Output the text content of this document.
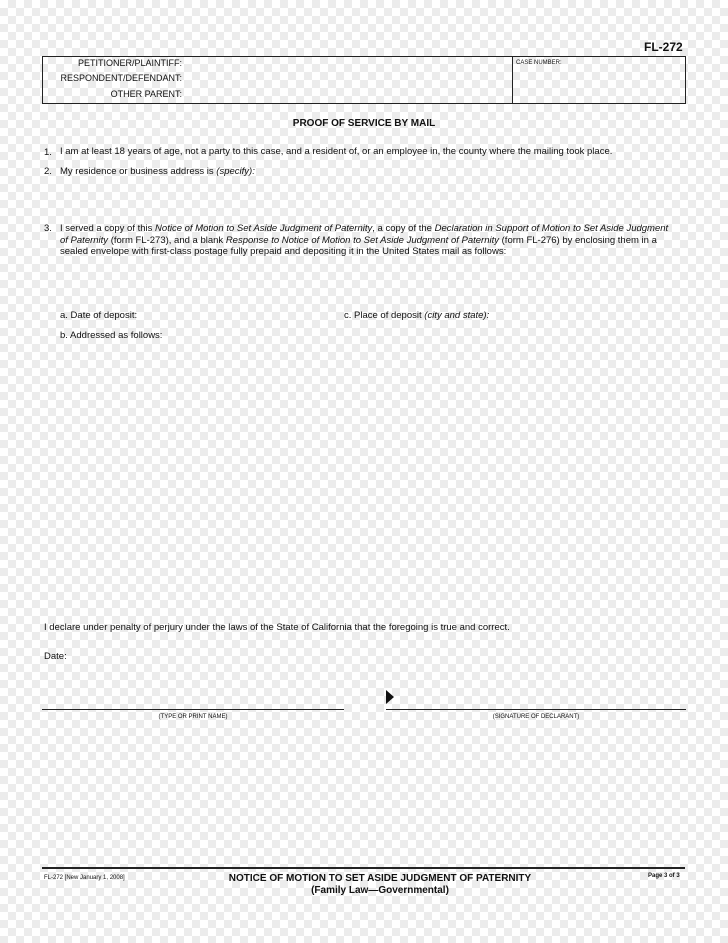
FL-272
PETITIONER/PLAINTIFF:
RESPONDENT/DEFENDANT:
OTHER PARENT:
CASE NUMBER:
PROOF OF SERVICE BY MAIL
1. I am at least 18 years of age, not a party to this case, and a resident of, or an employee in, the county where the mailing took place.
2. My residence or business address is (specify):
3. I served a copy of this Notice of Motion to Set Aside Judgment of Paternity, a copy of the Declaration in Support of Motion to Set Aside Judgment of Paternity (form FL-273), and a blank Response to Notice of Motion to Set Aside Judgment of Paternity (form FL-276) by enclosing them in a sealed envelope with first-class postage fully prepaid and depositing it in the United States mail as follows:
a. Date of deposit:	c. Place of deposit (city and state):
b. Addressed as follows:
I declare under penalty of perjury under the laws of the State of California that the foregoing is true and correct.
Date:
(TYPE OR PRINT NAME)	(SIGNATURE OF DECLARANT)
FL-272 [New January 1, 2008]	NOTICE OF MOTION TO SET ASIDE JUDGMENT OF PATERNITY
(Family Law—Governmental)
Page 3 of 3
